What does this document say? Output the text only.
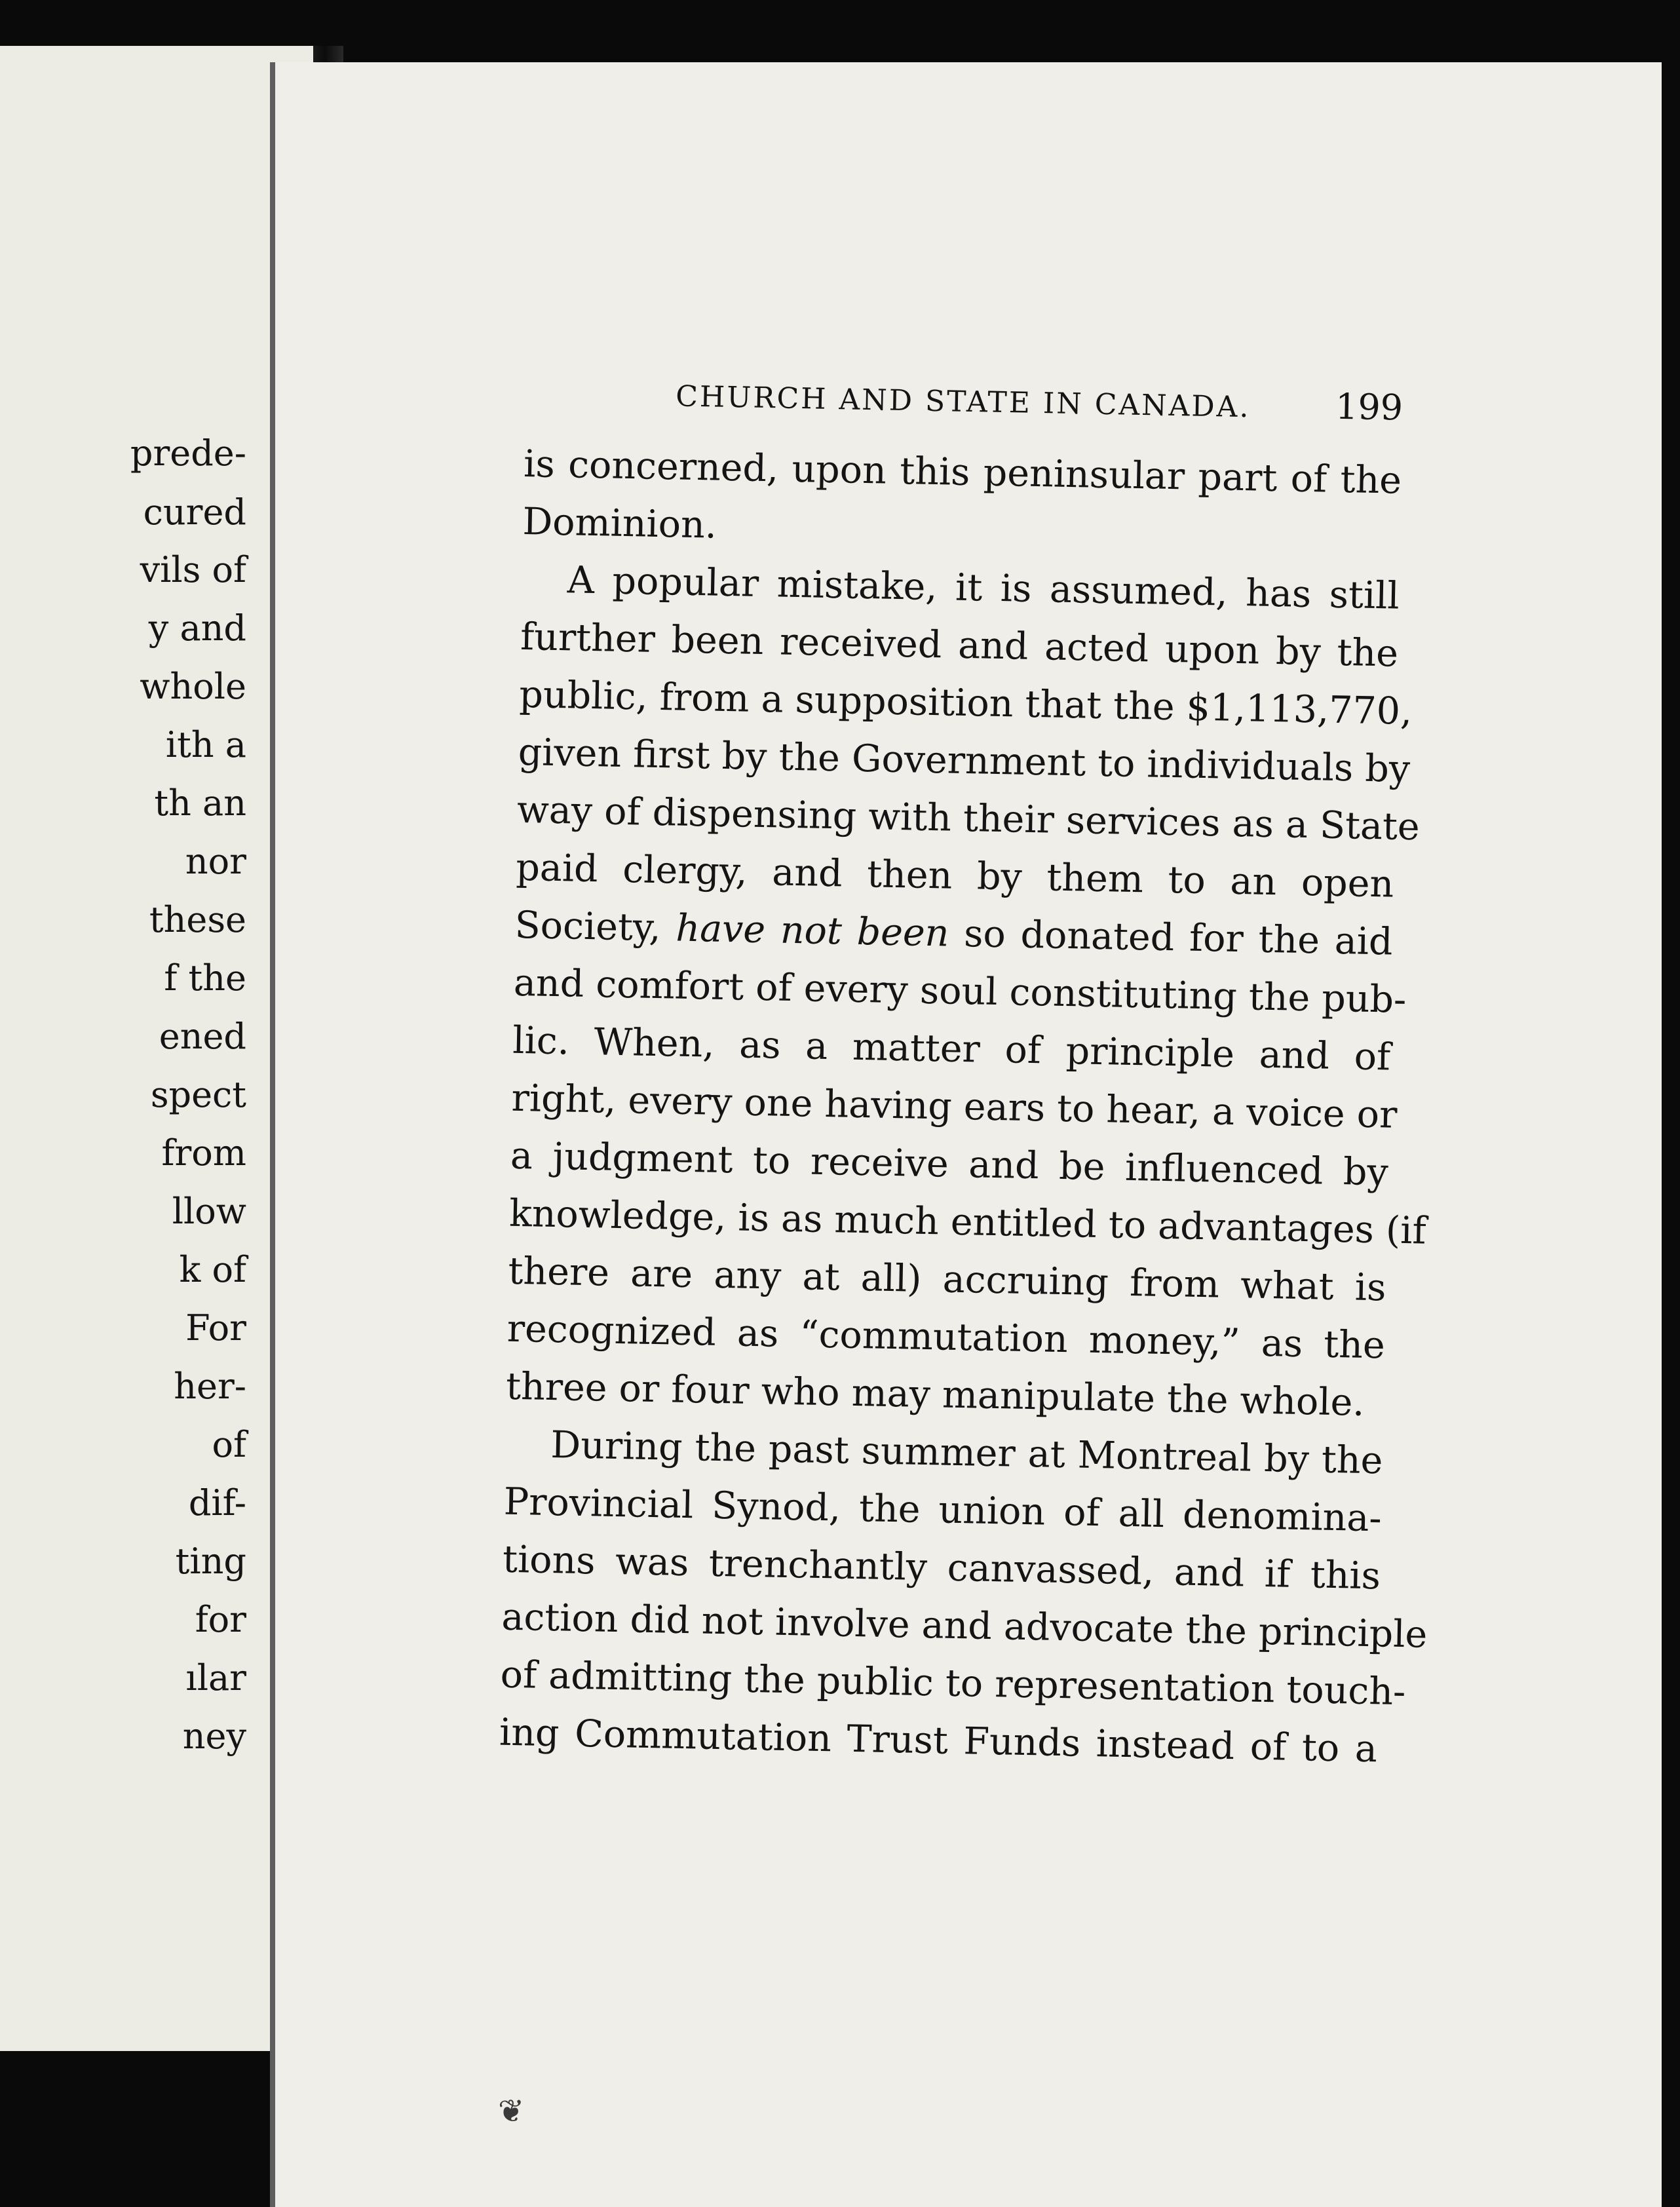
prede-
cured
vils of
y and
whole
ith a
th an
nor
these
f the
ened
spect
from
llow
k of
For
her-
of
dif-
ting
for
ılar
ney
CHURCH AND STATE IN CANADA. 199

is concerned, upon this peninsular part of the
Dominion.

A popular mistake, it is assumed, has still
further been received and acted upon by the
public, from a supposition that the $1,113,770,
given first by the Government to individuals by
way of dispensing with their services as a State
paid clergy, and then by them to an open
Society, have not been so donated for the aid
and comfort of every soul constituting the pub-
lic. When, as a matter of principle and of
right, every one having ears to hear, a voice or
a judgment to receive and be influenced by
knowledge, is as much entitled to advantages (if
there are any at all) accruing from what is
recognized as “commutation money,” as the
three or four who may manipulate the whole.

During the past summer at Montreal by the
Provincial Synod, the union of all denomina-
tions was trenchantly canvassed, and if this
action did not involve and advocate the principle
of admitting the public to representation touch-
ing Commutation Trust Funds instead of to a

❦
